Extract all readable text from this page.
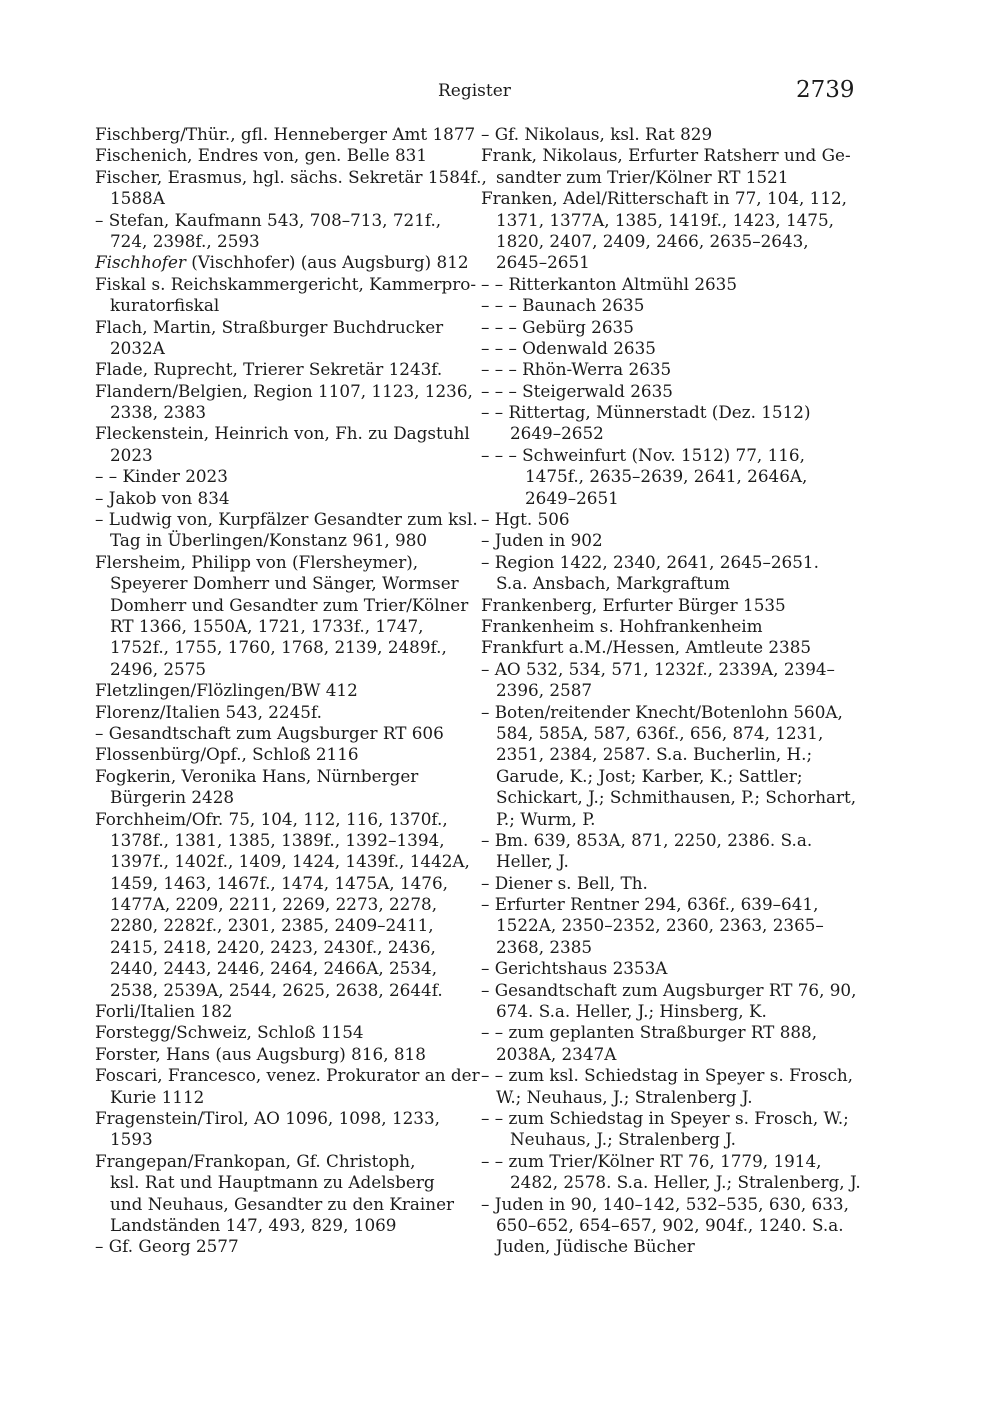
Register	2739
Fischberg/Thür., gfl. Henneberger Amt 1877
Fischenich, Endres von, gen. Belle 831
Fischer, Erasmus, hgl. sächs. Sekretär 1584f.,
1588A
– Stefan, Kaufmann 543, 708–713, 721f.,
724, 2398f., 2593
Fischhofer (Vischhofer) (aus Augsburg) 812
Fiskal s. Reichskammergericht, Kammerpro-
kuratorfiskal
Flach, Martin, Straßburger Buchdrucker
2032A
Flade, Ruprecht, Trierer Sekretär 1243f.
Flandern/Belgien, Region 1107, 1123, 1236,
2338, 2383
Fleckenstein, Heinrich von, Fh. zu Dagstuhl
2023
– – Kinder 2023
– Jakob von 834
– Ludwig von, Kurpfälzer Gesandter zum ksl.
Tag in Überlingen/Konstanz 961, 980
Flersheim, Philipp von (Flersheymer),
Speyerer Domherr und Sänger, Wormser
Domherr und Gesandter zum Trier/Kölner
RT 1366, 1550A, 1721, 1733f., 1747,
1752f., 1755, 1760, 1768, 2139, 2489f.,
2496, 2575
Fletzlingen/Flözlingen/BW 412
Florenz/Italien 543, 2245f.
– Gesandtschaft zum Augsburger RT 606
Flossenbürg/Opf., Schloß 2116
Fogkerin, Veronika Hans, Nürnberger
Bürgerin 2428
Forchheim/Ofr. 75, 104, 112, 116, 1370f.,
1378f., 1381, 1385, 1389f., 1392–1394,
1397f., 1402f., 1409, 1424, 1439f., 1442A,
1459, 1463, 1467f., 1474, 1475A, 1476,
1477A, 2209, 2211, 2269, 2273, 2278,
2280, 2282f., 2301, 2385, 2409–2411,
2415, 2418, 2420, 2423, 2430f., 2436,
2440, 2443, 2446, 2464, 2466A, 2534,
2538, 2539A, 2544, 2625, 2638, 2644f.
Forli/Italien 182
Forstegg/Schweiz, Schloß 1154
Forster, Hans (aus Augsburg) 816, 818
Foscari, Francesco, venez. Prokurator an der
Kurie 1112
Fragenstein/Tirol, AO 1096, 1098, 1233,
1593
Frangepan/Frankopan, Gf. Christoph,
ksl. Rat und Hauptmann zu Adelsberg
und Neuhaus, Gesandter zu den Krainer
Landständen 147, 493, 829, 1069
– Gf. Georg 2577
– Gf. Nikolaus, ksl. Rat 829
Frank, Nikolaus, Erfurter Ratsherr und Ge-
sandter zum Trier/Kölner RT 1521
Franken, Adel/Ritterschaft in 77, 104, 112,
1371, 1377A, 1385, 1419f., 1423, 1475,
1820, 2407, 2409, 2466, 2635–2643,
2645–2651
– – Ritterkanton Altmühl 2635
– – – Baunach 2635
– – – Gebürg 2635
– – – Odenwald 2635
– – – Rhön-Werra 2635
– – – Steigerwald 2635
– – Rittertag, Münnerstadt (Dez. 1512)
2649–2652
– – – Schweinfurt (Nov. 1512) 77, 116,
1475f., 2635–2639, 2641, 2646A,
2649–2651
– Hgt. 506
– Juden in 902
– Region 1422, 2340, 2641, 2645–2651.
S.a. Ansbach, Markgraftum
Frankenberg, Erfurter Bürger 1535
Frankenheim s. Hohfrankenheim
Frankfurt a.M./Hessen, Amtleute 2385
– AO 532, 534, 571, 1232f., 2339A, 2394–
2396, 2587
– Boten/reitender Knecht/Botenlohn 560A,
584, 585A, 587, 636f., 656, 874, 1231,
2351, 2384, 2587. S.a. Bucherlin, H.;
Garude, K.; Jost; Karber, K.; Sattler;
Schickart, J.; Schmithausen, P.; Schorhart,
P.; Wurm, P.
– Bm. 639, 853A, 871, 2250, 2386. S.a.
Heller, J.
– Diener s. Bell, Th.
– Erfurter Rentner 294, 636f., 639–641,
1522A, 2350–2352, 2360, 2363, 2365–
2368, 2385
– Gerichtshaus 2353A
– Gesandtschaft zum Augsburger RT 76, 90,
674. S.a. Heller, J.; Hinsberg, K.
– – zum geplanten Straßburger RT 888,
2038A, 2347A
– – zum ksl. Schiedstag in Speyer s. Frosch,
W.; Neuhaus, J.; Stralenberg J.
– – zum Schiedstag in Speyer s. Frosch, W.;
Neuhaus, J.; Stralenberg J.
– – zum Trier/Kölner RT 76, 1779, 1914,
2482, 2578. S.a. Heller, J.; Stralenberg, J.
– Juden in 90, 140–142, 532–535, 630, 633,
650–652, 654–657, 902, 904f., 1240. S.a.
Juden, Jüdische Bücher
